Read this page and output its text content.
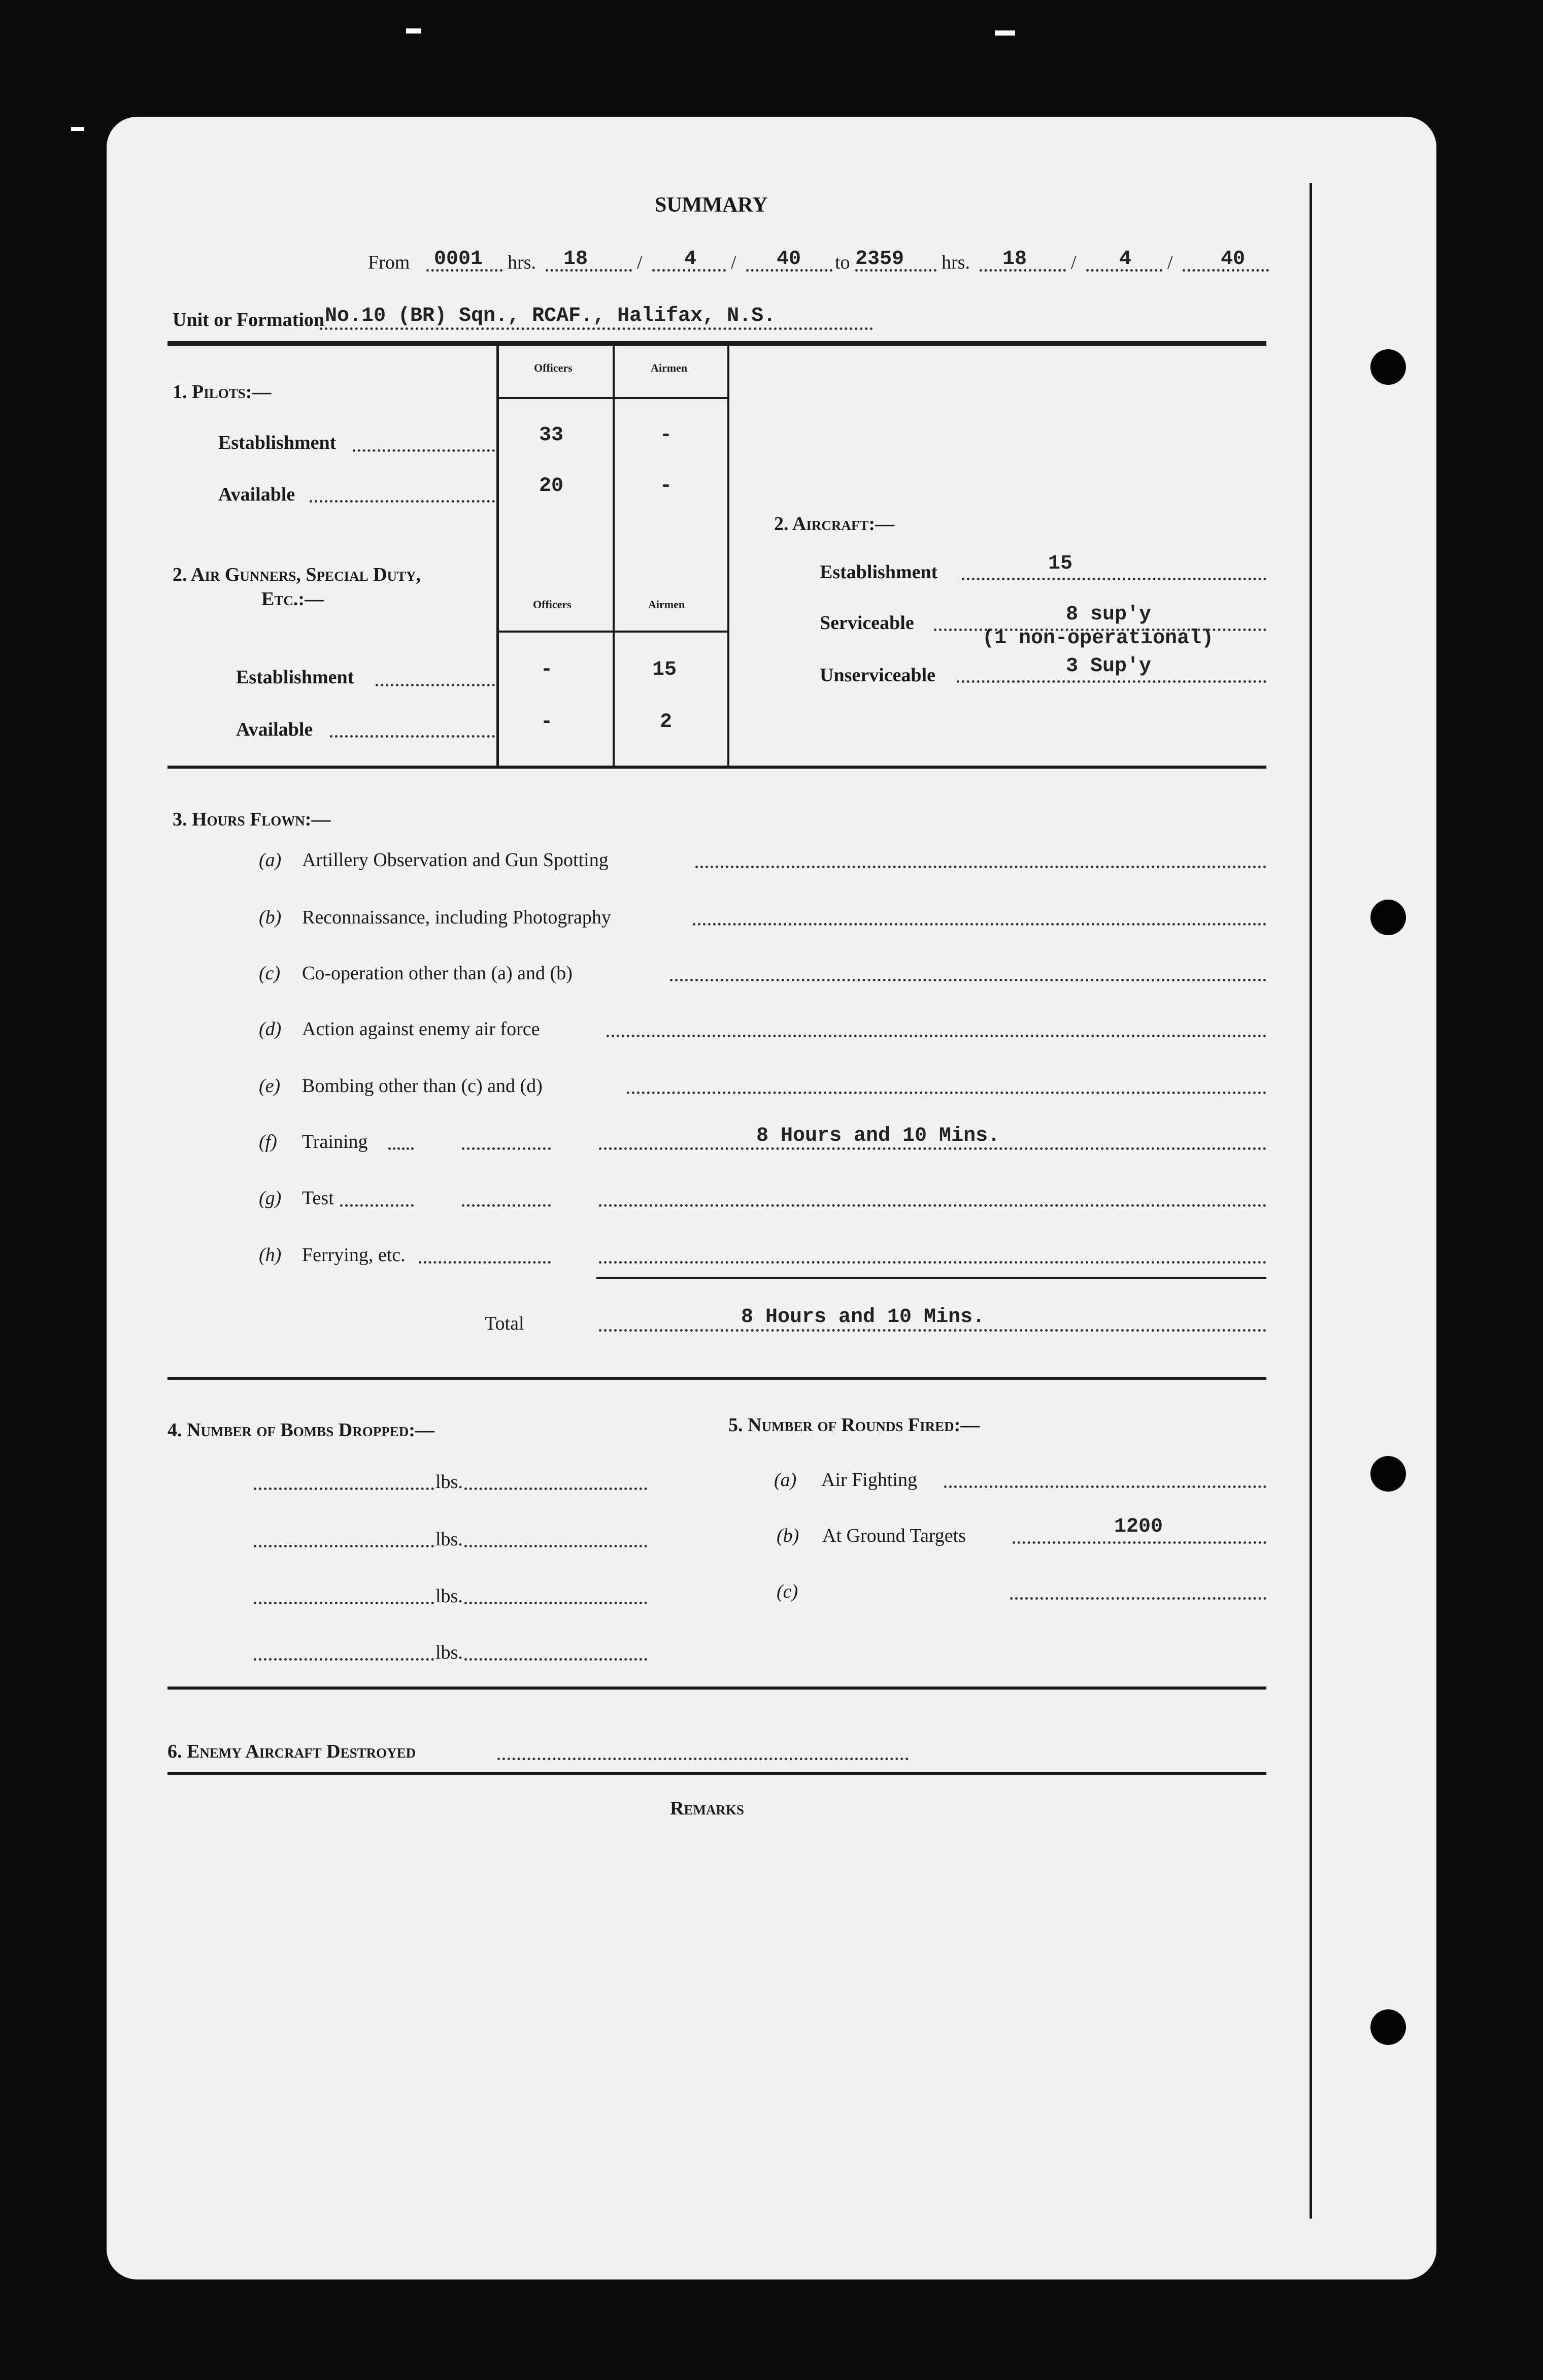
SUMMARY
From 0001 hrs. 18	/ 4 / 40 to 2359 hrs. 18 / 4 / 40
Unit or Formation No.10 (BR) Sqn., RCAF., Halifax, N.S.
Officers	Airmen
1. Pilots:—
Establishment	33	-
Available	20	-
2. Air Gunners, Special Duty,
Etc.:—	Officers	Airmen
Establishment	-	15
Available	-	2
2. Aircraft:—
Establishment	15
Serviceable	8 sup'y
(1 non-operational)
Unserviceable	3 Sup'y
3. Hours Flown:—
(a) Artillery Observation and Gun Spotting
(b) Reconnaissance, including Photography
(c) Co-operation other than (a) and (b)
(d) Action against enemy air force
(e) Bombing other than (c) and (d)
(f) Training	8 Hours and 10 Mins.
(g) Test
(h) Ferrying, etc.
Total	8 Hours and 10 Mins.
4. Number of Bombs Dropped:—
lbs.
lbs.
lbs.
lbs.
5. Number of Rounds Fired:—
(a) Air Fighting
(b) At Ground Targets	1200
(c)
6. Enemy Aircraft Destroyed
Remarks
